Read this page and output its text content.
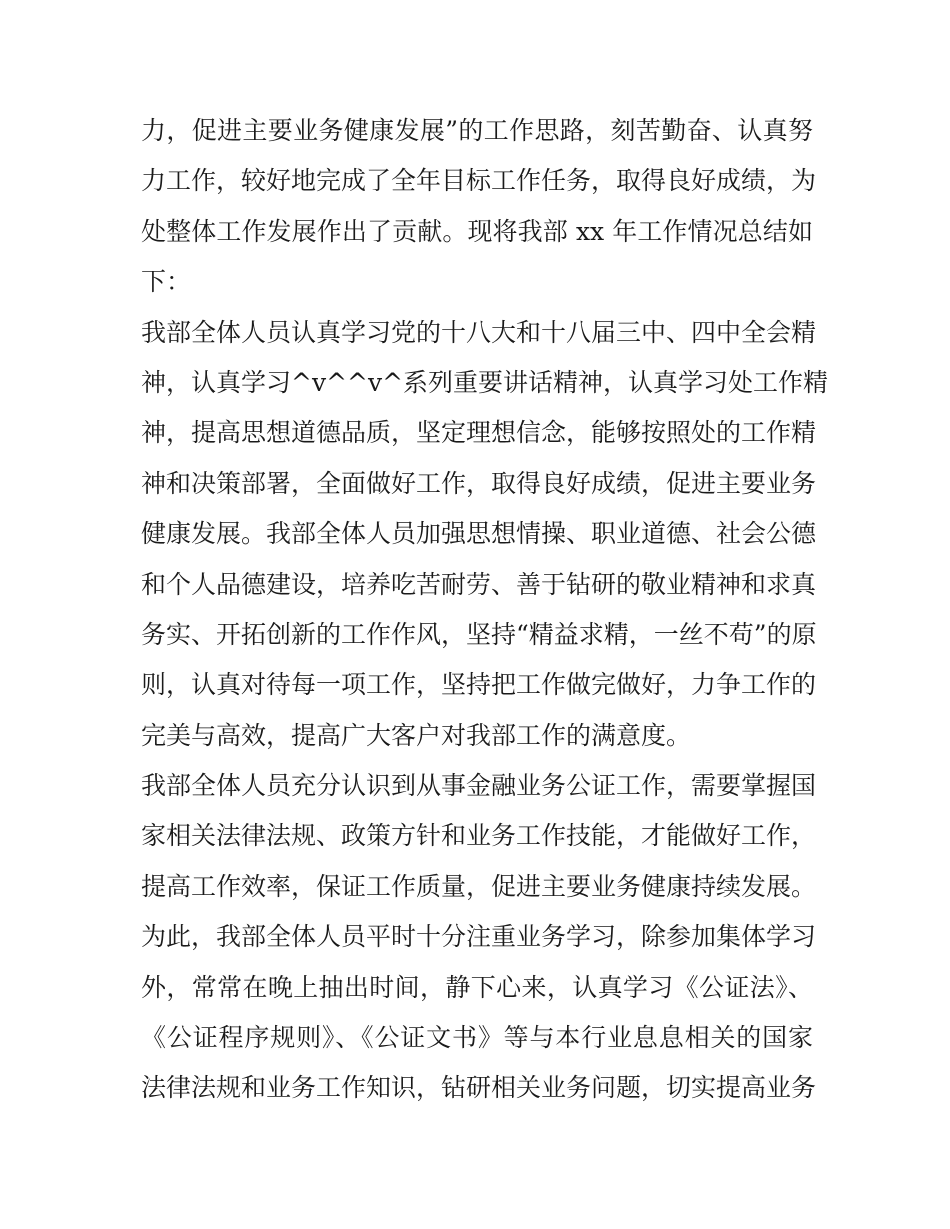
力，促进主要业务健康发展”的工作思路，刻苦勤奋、认真努
力工作，较好地完成了全年目标工作任务，取得良好成绩，为
处整体工作发展作出了贡献。现将我部 xx 年工作情况总结如
下：
我部全体人员认真学习党的十八大和十八届三中、四中全会精
神，认真学习^v^^v^系列重要讲话精神，认真学习处工作精
神，提高思想道德品质，坚定理想信念，能够按照处的工作精
神和决策部署，全面做好工作，取得良好成绩，促进主要业务
健康发展。我部全体人员加强思想情操、职业道德、社会公德
和个人品德建设，培养吃苦耐劳、善于钻研的敬业精神和求真
务实、开拓创新的工作作风，坚持“精益求精，一丝不苟”的原
则，认真对待每一项工作，坚持把工作做完做好，力争工作的
完美与高效，提高广大客户对我部工作的满意度。
我部全体人员充分认识到从事金融业务公证工作，需要掌握国
家相关法律法规、政策方针和业务工作技能，才能做好工作，
提高工作效率，保证工作质量，促进主要业务健康持续发展。
为此，我部全体人员平时十分注重业务学习，除参加集体学习
外，常常在晚上抽出时间，静下心来，认真学习《公证法》、
《公证程序规则》、《公证文书》等与本行业息息相关的国家
法律法规和业务工作知识，钻研相关业务问题，切实提高业务
